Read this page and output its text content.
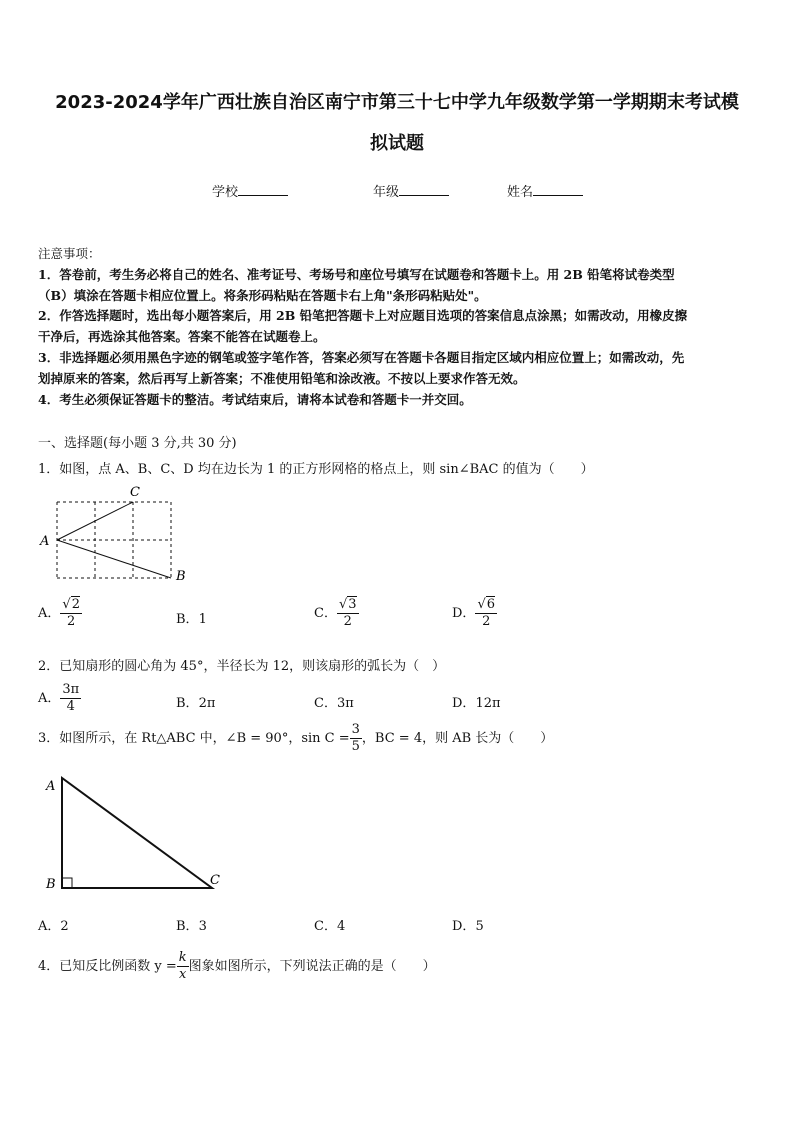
2023-2024学年广西壮族自治区南宁市第三十七中学九年级数学第一学期期末考试模
拟试题
学校	年级	姓名
注意事项：
1．答卷前，考生务必将自己的姓名、准考证号、考场号和座位号填写在试题卷和答题卡上。用 2B 铅笔将试卷类型
（B）填涂在答题卡相应位置上。将条形码粘贴在答题卡右上角"条形码粘贴处"。
2．作答选择题时，选出每小题答案后，用 2B 铅笔把答题卡上对应题目选项的答案信息点涂黑；如需改动，用橡皮擦
干净后，再选涂其他答案。答案不能答在试题卷上。
3．非选择题必须用黑色字迹的钢笔或签字笔作答，答案必须写在答题卡各题目指定区域内相应位置上；如需改动，先
划掉原来的答案，然后再写上新答案；不准使用铅笔和涂改液。不按以上要求作答无效。
4．考生必须保证答题卡的整洁。考试结束后，请将本试卷和答题卡一并交回。
一、选择题(每小题 3 分,共 30 分)
1．如图，点 A、B、C、D 均在边长为 1 的正方形网格的格点上，则 sin∠BAC 的值为（　　）
A
C
B
A． $\frac{√2}{2}$	B．1	C． $\frac{√3}{2}$	D． $\frac{√6}{2}$
2．已知扇形的圆心角为 45°，半径长为 12，则该扇形的弧长为（　）
A． $\frac{3\pi}{4}$	B．2π	C．3π	D．12π
3．如图所示，在 Rt△ABC 中，∠B = 90°，$\sin C = \frac{3}{5}$ ，BC = 4，则 AB 长为（　　）
A
B	C
A．2	B．3	C．4	D．5
4．已知反比例函数 $y = \frac{k}{x}$ 图象如图所示，下列说法正确的是（　　）
